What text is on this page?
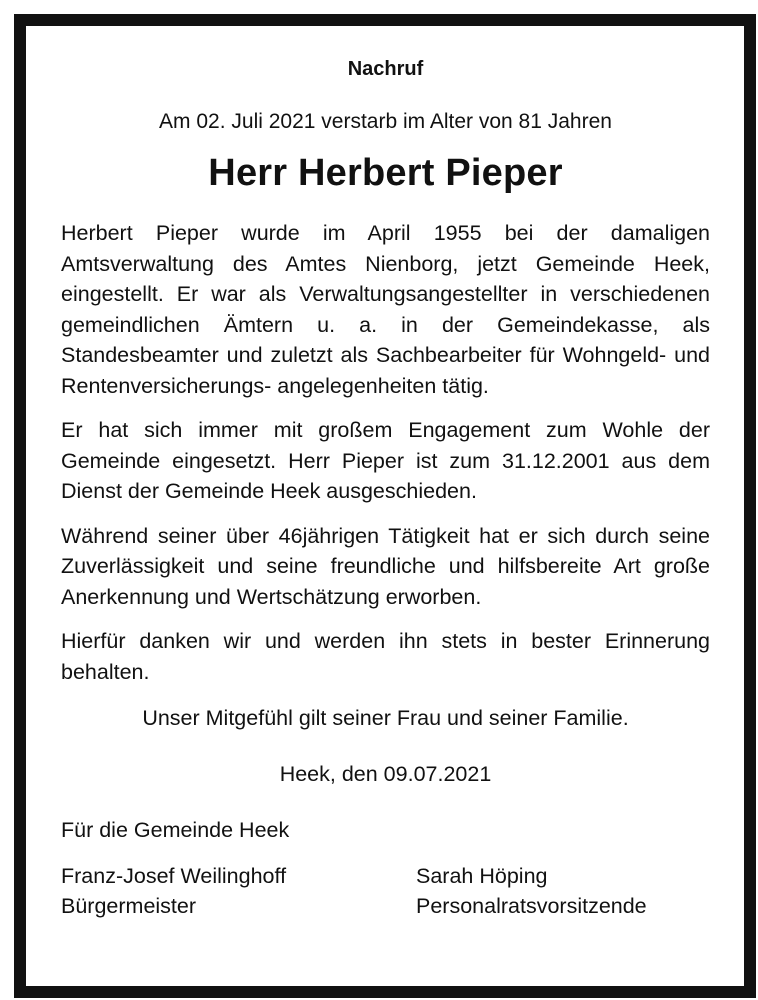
Nachruf

Am 02. Juli 2021 verstarb im Alter von 81 Jahren

Herr Herbert Pieper

Herbert Pieper wurde im April 1955 bei der damaligen Amtsverwaltung des Amtes Nienborg, jetzt Gemeinde Heek, eingestellt. Er war als Verwaltungsangestellter in verschiedenen gemeindlichen Ämtern u. a. in der Gemeindekasse, als Standesbeamter und zuletzt als Sachbearbeiter für Wohngeld- und Rentenversicherungs- angelegenheiten tätig.

Er hat sich immer mit großem Engagement zum Wohle der Gemeinde eingesetzt. Herr Pieper ist zum 31.12.2001 aus dem Dienst der Gemeinde Heek ausgeschieden.

Während seiner über 46jährigen Tätigkeit hat er sich durch seine Zuverlässigkeit und seine freundliche und hilfsbereite Art große Anerkennung und Wertschätzung erworben.

Hierfür danken wir und werden ihn stets in bester Erinnerung behalten.

Unser Mitgefühl gilt seiner Frau und seiner Familie.

Heek, den 09.07.2021

Für die Gemeinde Heek

Franz-Josef Weilinghoff
Bürgermeister
Sarah Höping
Personalratsvorsitzende
